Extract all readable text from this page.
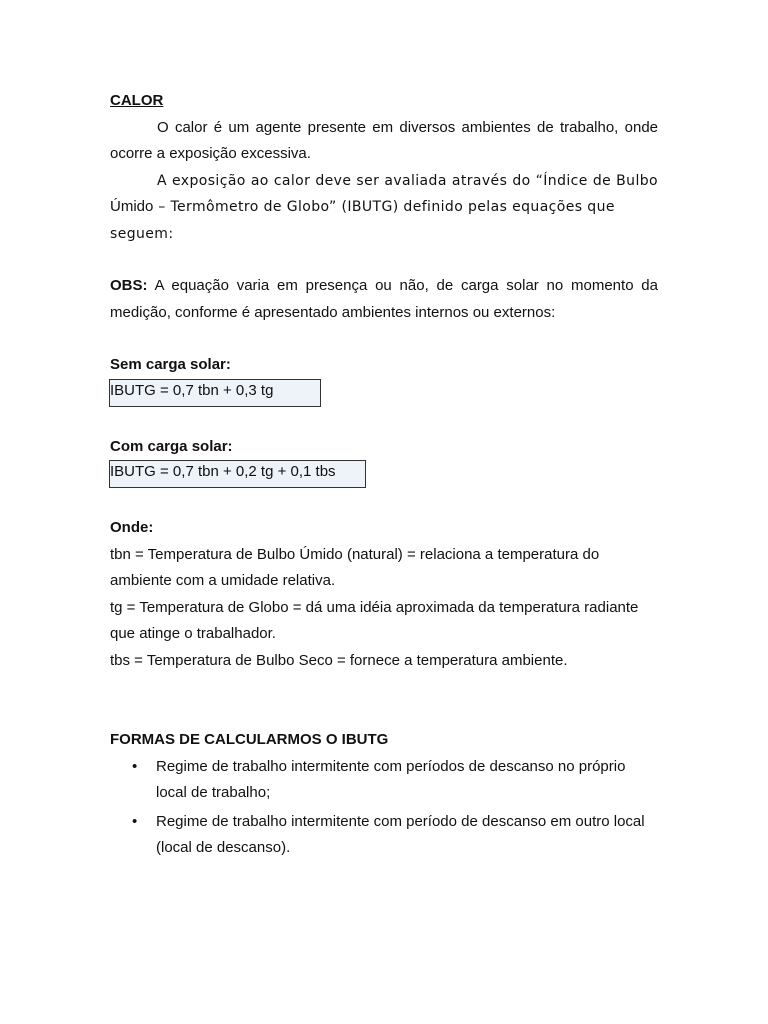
CALOR

O calor é um agente presente em diversos ambientes de trabalho, onde ocorre a exposição excessiva.

A exposição ao calor deve ser avaliada através do “Índice de Bulbo

Úmido – Termômetro de Globo” (IBUTG) definido pelas equações que seguem:

OBS: A equação varia em presença ou não, de carga solar no momento da medição, conforme é apresentado ambientes internos ou externos:

Sem carga solar:

IBUTG = 0,7 tbn + 0,3 tg

Com carga solar:

IBUTG = 0,7 tbn + 0,2 tg + 0,1 tbs

Onde:

tbn = Temperatura de Bulbo Úmido (natural) = relaciona a temperatura do ambiente com a umidade relativa.

tg = Temperatura de Globo = dá uma idéia aproximada da temperatura radiante que atinge o trabalhador.

tbs = Temperatura de Bulbo Seco = fornece a temperatura ambiente.

FORMAS DE CALCULARMOS O IBUTG

• Regime de trabalho intermitente com períodos de descanso no próprio local de trabalho;
• Regime de trabalho intermitente com período de descanso em outro local (local de descanso).
